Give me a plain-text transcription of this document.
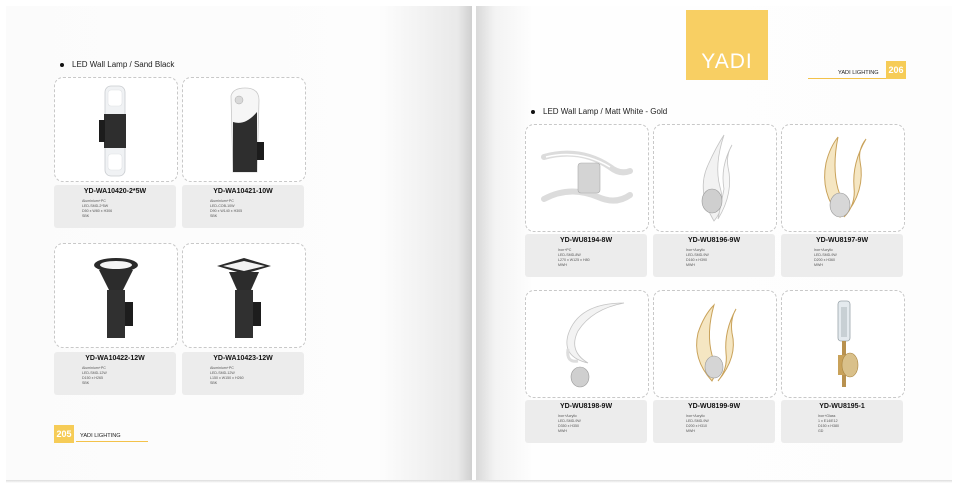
LED Wall Lamp / Sand Black
YD-WA10420-2*5W
Aluminium+PC
LED-SMD-2*5W
D50 x W80 x H306
SBK
YD-WA10421-10W
Aluminium+PC
LED-COB-10W
D90 x W140 x H305
SBK
YD-WA10422-12W
Aluminium+PC
LED-SMD-12W
D150 x H265
SBK
YD-WA10423-12W
Aluminium+PC
LED-SMD-12W
L150 x W150 x H260
SBK
205	YADI LIGHTING
YADI	YADI LIGHTING 206
LED Wall Lamp / Matt White - Gold
YD-WU8194-8W
Iron+PC
LED-SMD-8W
L270 x W125 x H80
MWH
YD-WU8196-9W
Iron+Acrylic
LED-SMD-9W
D160 x H390
MWH
YD-WU8197-9W
Iron+Acrylic
LED-SMD-9W
D200 x H360
MWH
YD-WU8198-9W
Iron+Acrylic
LED-SMD-9W
D350 x H350
MWH
YD-WU8199-9W
Iron+Acrylic
LED-SMD-9W
D200 x H310
MWH
YD-WU8195-1
Iron+Glass
1 x E14/E12
D150 x H380
GD
